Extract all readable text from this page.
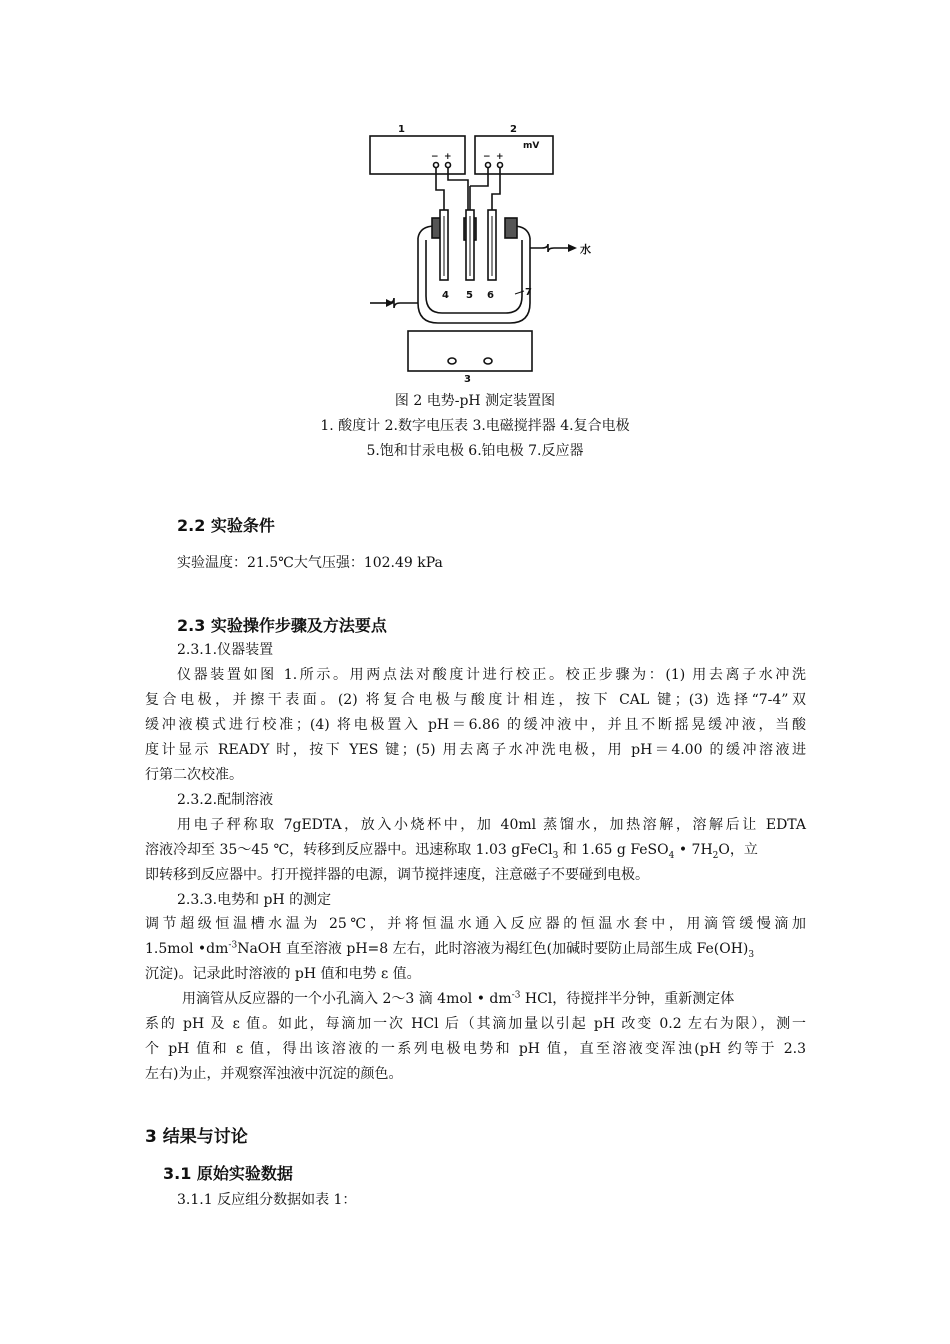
1	2
mV
− +	− +
4 5 6	7
3
水
图 2 电势-pH 测定装置图
1. 酸度计 2.数字电压表 3.电磁搅拌器 4.复合电极
5.饱和甘汞电极 6.铂电极 7.反应器
2.2 实验条件
实验温度：21.5℃大气压强：102.49 kPa
2.3 实验操作步骤及方法要点
2.3.1.仪器装置
仪器装置如图 1.所示。用两点法对酸度计进行校正。校正步骤为：(1) 用去离子水冲洗
复合电极，并擦干表面。(2) 将复合电极与酸度计相连，按下 CAL 键；(3) 选择“7-4”双
缓冲液模式进行校准；(4) 将电极置入 pH＝6.86 的缓冲液中，并且不断摇晃缓冲液，当酸
度计显示 READY 时，按下 YES 键；(5) 用去离子水冲洗电极，用 pH＝4.00 的缓冲溶液进
行第二次校准。
2.3.2.配制溶液
用电子秤称取 7gEDTA，放入小烧杯中，加 40ml 蒸馏水，加热溶解，溶解后让 EDTA
溶液冷却至 35～45 ℃，转移到反应器中。迅速称取 1.03 gFeCl$_3$ 和 1.65 g FeSO$_4$ • $7H_2O$，立
即转移到反应器中。打开搅拌器的电源，调节搅拌速度，注意磁子不要碰到电极。
2.3.3.电势和 pH 的测定
调节超级恒温槽水温为 25℃，并将恒温水通入反应器的恒温水套中，用滴管缓慢滴加
1.5mol $•dm^{-3}NaOH$ 直至溶液 pH=8 左右，此时溶液为褐红色(加碱时要防止局部生成 $Fe(OH)_3$
沉淀)。记录此时溶液的 pH 值和电势 ε 值。
用滴管从反应器的一个小孔滴入 2～3 滴 4mol • $dm^{-3}$ HCl，待搅拌半分钟，重新测定体
系的 pH 及 ε 值。如此，每滴加一次 HCl 后（其滴加量以引起 pH 改变 0.2 左右为限），测一
个 pH 值和 ε 值，得出该溶液的一系列电极电势和 pH 值，直至溶液变浑浊(pH 约等于 2.3
左右)为止，并观察浑浊液中沉淀的颜色。
3 结果与讨论
3.1 原始实验数据
3.1.1 反应组分数据如表 1：
